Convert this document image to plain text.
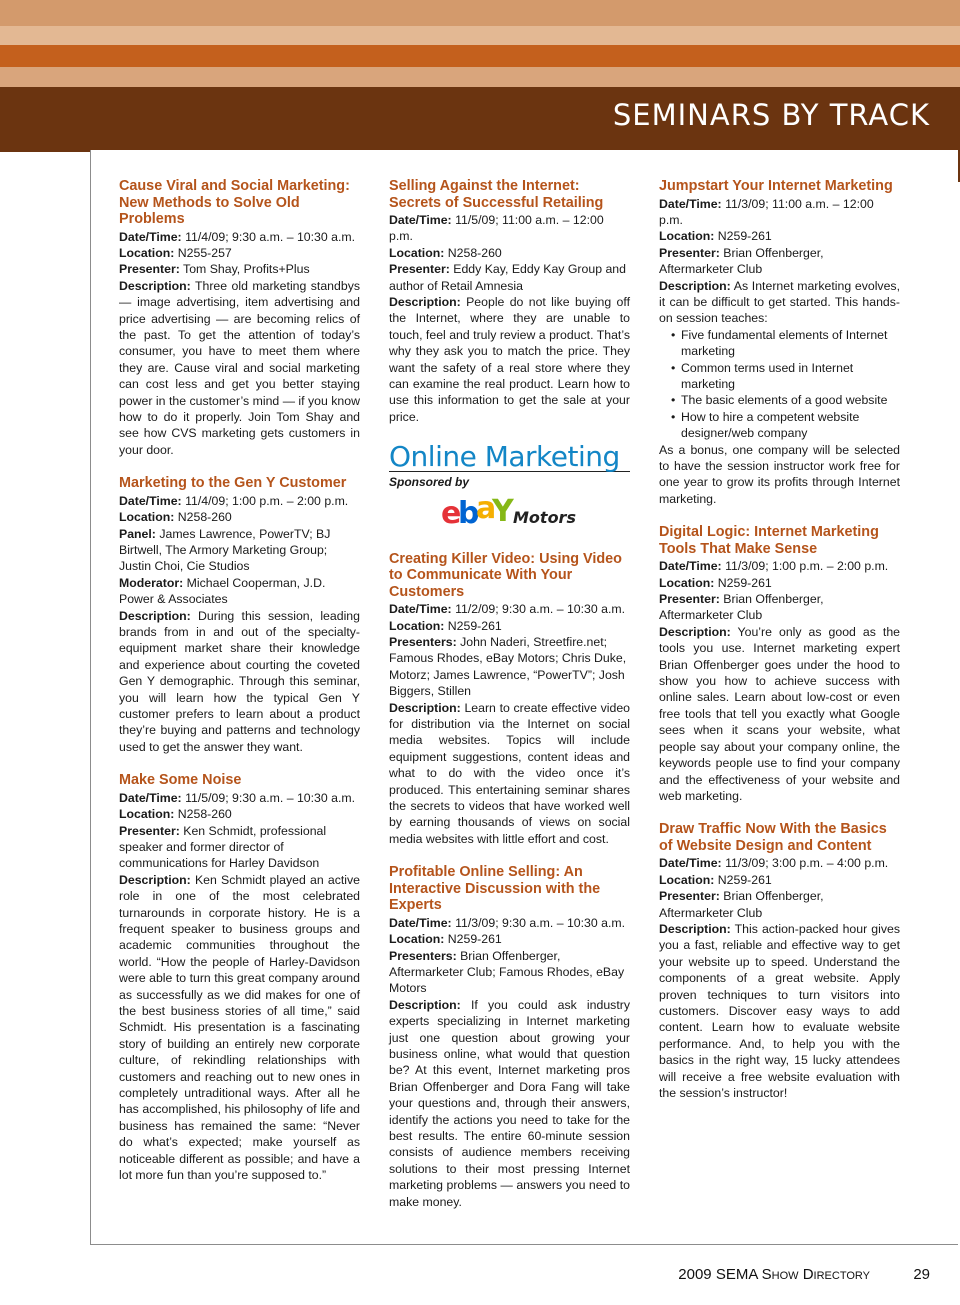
SEMINARS BY TRACK
Cause Viral and Social Marketing: New Methods to Solve Old Problems

Date/Time: 11/4/09; 9:30 a.m. – 10:30 a.m.

Location: N255-257

Presenter: Tom Shay, Profits+Plus

Description: Three old marketing standbys — image advertising, item advertising and price advertising — are becoming relics of the past. To get the attention of today’s consumer, you have to meet them where they are. Cause viral and social marketing can cost less and get you better staying power in the customer’s mind — if you know how to do it properly. Join Tom Shay and see how CVS marketing gets customers in your door.

Marketing to the Gen Y Customer

Date/Time: 11/4/09; 1:00 p.m. – 2:00 p.m.

Location: N258-260

Panel: James Lawrence, PowerTV; BJ Birtwell, The Armory Marketing Group; Justin Choi, Cie Studios

Moderator: Michael Cooperman, J.D. Power & Associates

Description: During this session, leading brands from in and out of the specialty-equipment market share their knowledge and experience about courting the coveted Gen Y demographic. Through this seminar, you will learn how the typical Gen Y customer prefers to learn about a product they’re buying and patterns and technology used to get the answer they want.

Make Some Noise

Date/Time: 11/5/09; 9:30 a.m. – 10:30 a.m.

Location: N258-260

Presenter: Ken Schmidt, professional speaker and former director of communications for Harley Davidson

Description: Ken Schmidt played an active role in one of the most celebrated turnarounds in corporate history. He is a frequent speaker to business groups and academic communities throughout the world. “How the people of Harley-Davidson were able to turn this great company around as successfully as we did makes for one of the best business stories of all time,” said Schmidt. His presentation is a fascinating story of building an entirely new corporate culture, of rekindling relationships with customers and reaching out to new ones in completely untraditional ways. After all he has accomplished, his philosophy of life and business has remained the same: “Never do what’s expected; make yourself as noticeable different as possible; and have a lot more fun than you’re supposed to.”

Selling Against the Internet: Secrets of Successful Retailing

Date/Time: 11/5/09; 11:00 a.m. – 12:00 p.m.

Location: N258-260

Presenter: Eddy Kay, Eddy Kay Group and author of Retail Amnesia

Description: People do not like buying off the Internet, where they are unable to touch, feel and truly review a product. That’s why they ask you to match the price. They want the safety of a real store where they can examine the real product. Learn how to use this information to get the sale at your price.

Online Marketing
Sponsored by
e
b
a
Y Motors
Creating Killer Video: Using Video to Communicate With Your Customers

Date/Time: 11/2/09; 9:30 a.m. – 10:30 a.m.

Location: N259-261

Presenters: John Naderi, Streetfire.net; Famous Rhodes, eBay Motors; Chris Duke, Motorz; James Lawrence, “PowerTV”; Josh Biggers, Stillen

Description: Learn to create effective video for distribution via the Internet on social media websites. Topics will include equipment suggestions, content ideas and what to do with the video once it’s produced. This entertaining seminar shares the secrets to videos that have worked well by earning thousands of views on social media websites with little effort and cost.

Profitable Online Selling: An Interactive Discussion with the Experts

Date/Time: 11/3/09; 9:30 a.m. – 10:30 a.m.

Location: N259-261

Presenters: Brian Offenberger, Aftermarketer Club; Famous Rhodes, eBay Motors

Description: If you could ask industry experts specializing in Internet marketing just one question about growing your business online, what would that question be? At this event, Internet marketing pros Brian Offenberger and Dora Fang will take your questions and, through their answers, identify the actions you need to take for the best results. The entire 60-minute session consists of audience members receiving solutions to their most pressing Internet marketing problems — answers you need to make money.

Jumpstart Your Internet Marketing

Date/Time: 11/3/09; 11:00 a.m. – 12:00 p.m.

Location: N259-261

Presenter: Brian Offenberger, Aftermarketer Club

Description: As Internet marketing evolves, it can be difficult to get started. This hands-on session teaches:

• Five fundamental elements of Internet marketing
• Common terms used in Internet marketing
• The basic elements of a good website
• How to hire a competent website designer/web company

As a bonus, one company will be selected to have the session instructor work free for one year to grow its profits through Internet marketing.

Digital Logic: Internet Marketing Tools That Make Sense

Date/Time: 11/3/09; 1:00 p.m. – 2:00 p.m.

Location: N259-261

Presenter: Brian Offenberger, Aftermarketer Club

Description: You’re only as good as the tools you use. Internet marketing expert Brian Offenberger goes under the hood to show you how to achieve success with online sales. Learn about low-cost or even free tools that tell you exactly what Google sees when it scans your website, what people say about your company online, the keywords people use to find your company and the effectiveness of your website and web marketing.

Draw Traffic Now With the Basics of Website Design and Content

Date/Time: 11/3/09; 3:00 p.m. – 4:00 p.m.

Location: N259-261

Presenter: Brian Offenberger, Aftermarketer Club

Description: This action-packed hour gives you a fast, reliable and effective way to get your website up to speed. Understand the components of a great website. Apply proven techniques to turn visitors into customers. Discover easy ways to add content. Learn how to evaluate website performance. And, to help you with the basics in the right way, 15 lucky attendees will receive a free website evaluation with the session’s instructor!

2009 SEMA Show Directory	29
